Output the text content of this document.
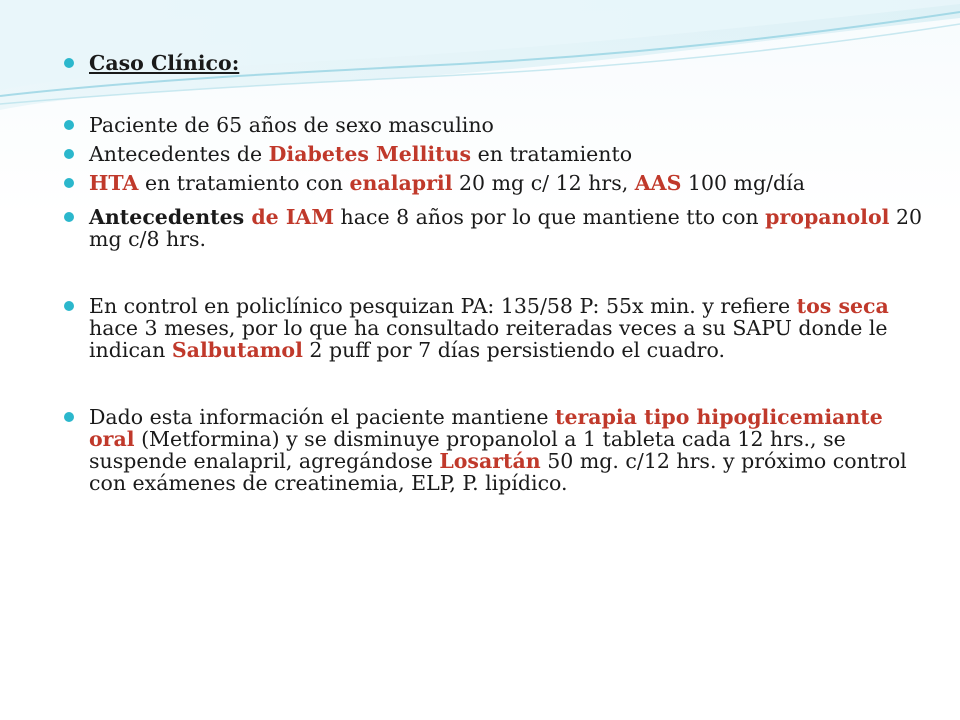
Caso Clínico:
Paciente de 65 años de sexo masculino
Antecedentes de Diabetes Mellitus en tratamiento
HTA en tratamiento con enalapril 20 mg c/ 12 hrs, AAS 100 mg/día
Antecedentes de IAM hace 8 años por lo que mantiene tto con propanolol 20 mg c/8 hrs.
En control en policlínico pesquizan PA: 135/58 P: 55x min. y refiere tos seca hace 3 meses, por lo que ha consultado reiteradas veces a su SAPU donde le indican Salbutamol 2 puff por 7 días persistiendo el cuadro.
Dado esta información el paciente mantiene terapia tipo hipoglicemiante oral (Metformina) y se disminuye propanolol a 1 tableta cada 12 hrs., se suspende enalapril, agregándose Losartán 50 mg. c/12 hrs. y próximo control con exámenes de creatinemia, ELP, P. lipídico.
